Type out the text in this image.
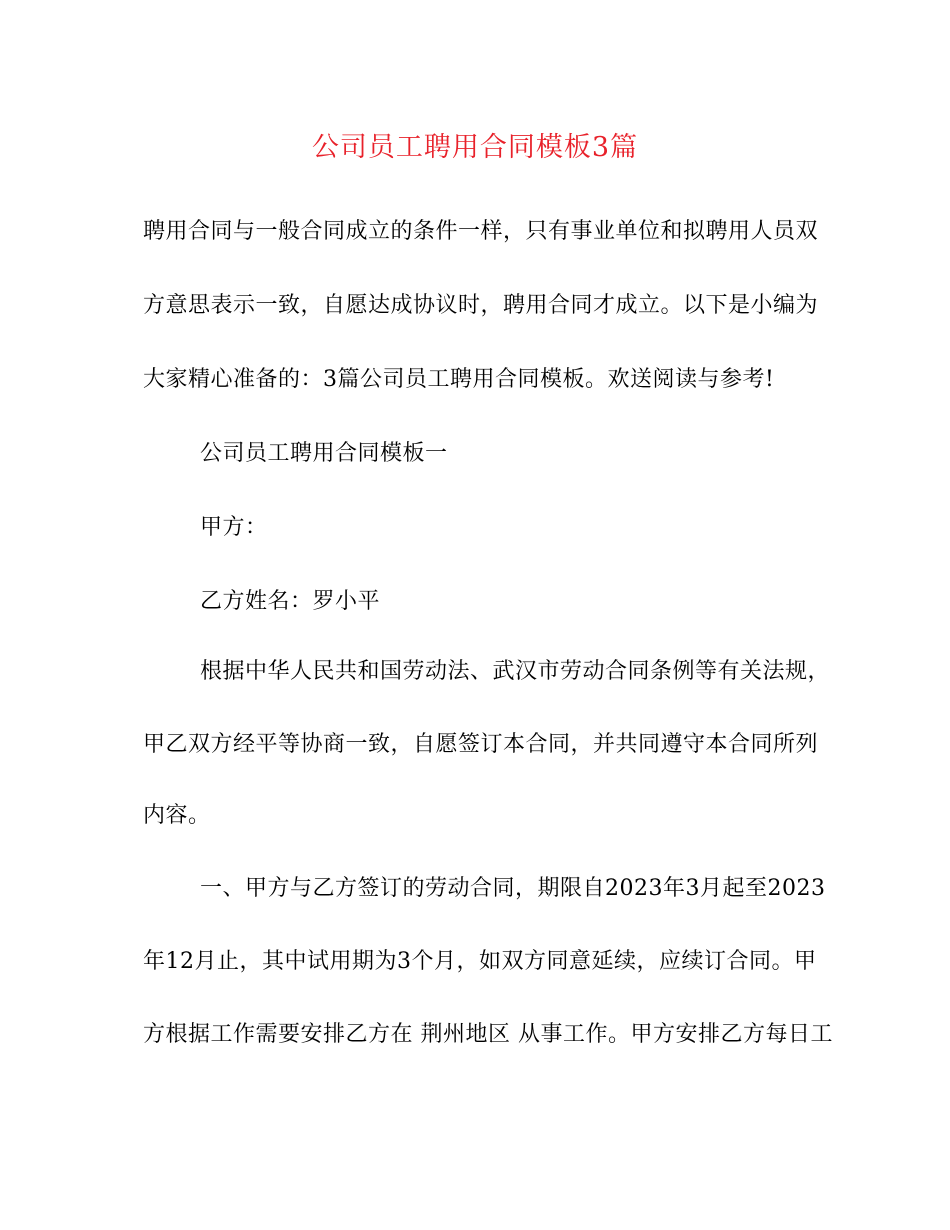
公司员工聘用合同模板3篇
聘用合同与一般合同成立的条件一样，只有事业单位和拟聘用人员双
方意思表示一致，自愿达成协议时，聘用合同才成立。以下是小编为
大家精心准备的：3篇公司员工聘用合同模板。欢送阅读与参考!
公司员工聘用合同模板一
甲方：
乙方姓名：罗小平
根据中华人民共和国劳动法、武汉市劳动合同条例等有关法规，
甲乙双方经平等协商一致，自愿签订本合同，并共同遵守本合同所列
内容。
一、甲方与乙方签订的劳动合同，期限自2023年3月起至2023
年12月止，其中试用期为3个月，如双方同意延续，应续订合同。甲
方根据工作需要安排乙方在 荆州地区 从事工作。甲方安排乙方每日工
